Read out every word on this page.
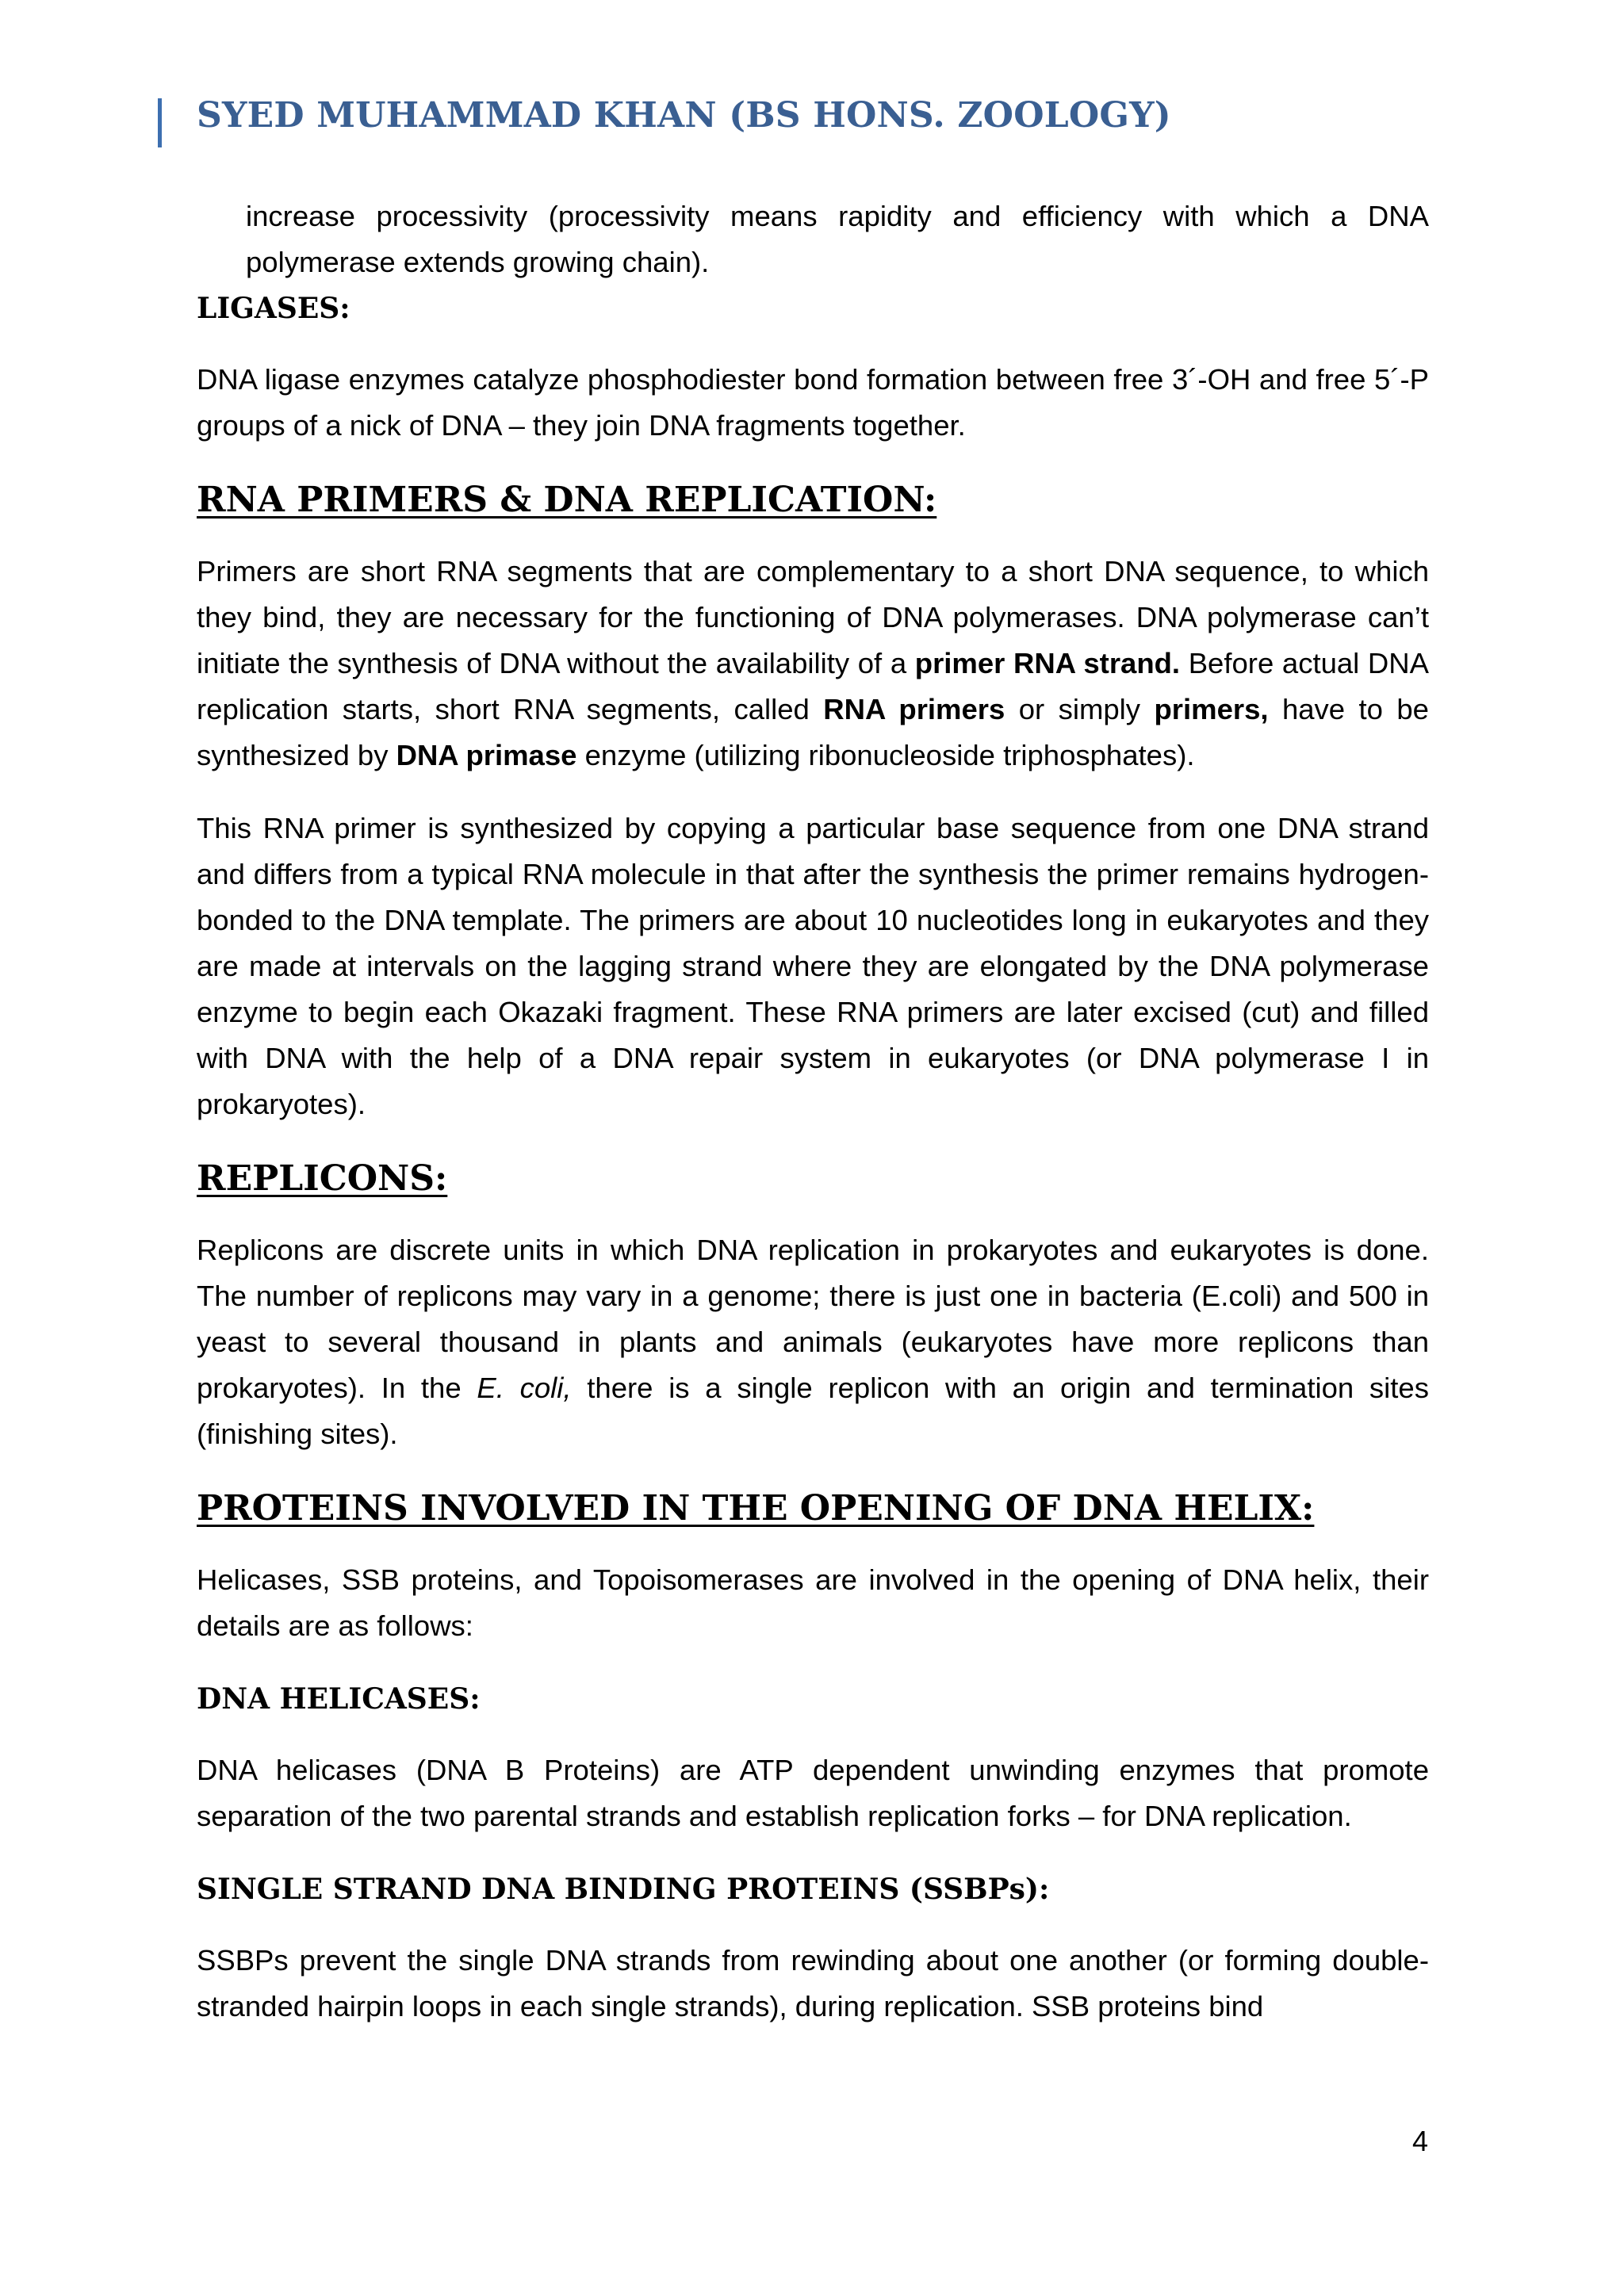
SYED MUHAMMAD KHAN (BS HONS. ZOOLOGY)

increase processivity (processivity means rapidity and efficiency with which a DNA polymerase extends growing chain).

LIGASES:

DNA ligase enzymes catalyze phosphodiester bond formation between free 3´-OH and free 5´-P groups of a nick of DNA – they join DNA fragments together.

RNA PRIMERS & DNA REPLICATION:

Primers are short RNA segments that are complementary to a short DNA sequence, to which they bind, they are necessary for the functioning of DNA polymerases. DNA polymerase can’t initiate the synthesis of DNA without the availability of a primer RNA strand. Before actual DNA replication starts, short RNA segments, called RNA primers or simply primers, have to be synthesized by DNA primase enzyme (utilizing ribonucleoside triphosphates).

This RNA primer is synthesized by copying a particular base sequence from one DNA strand and differs from a typical RNA molecule in that after the synthesis the primer remains hydrogen-bonded to the DNA template. The primers are about 10 nucleotides long in eukaryotes and they are made at intervals on the lagging strand where they are elongated by the DNA polymerase enzyme to begin each Okazaki fragment. These RNA primers are later excised (cut) and filled with DNA with the help of a DNA repair system in eukaryotes (or DNA polymerase I in prokaryotes).

REPLICONS:

Replicons are discrete units in which DNA replication in prokaryotes and eukaryotes is done. The number of replicons may vary in a genome; there is just one in bacteria (E.coli) and 500 in yeast to several thousand in plants and animals (eukaryotes have more replicons than prokaryotes). In the E. coli, there is a single replicon with an origin and termination sites (finishing sites).

PROTEINS INVOLVED IN THE OPENING OF DNA HELIX:

Helicases, SSB proteins, and Topoisomerases are involved in the opening of DNA helix, their details are as follows:

DNA HELICASES:

DNA helicases (DNA B Proteins) are ATP dependent unwinding enzymes that promote separation of the two parental strands and establish replication forks – for DNA replication.

SINGLE STRAND DNA BINDING PROTEINS (SSBPs):

SSBPs prevent the single DNA strands from rewinding about one another (or forming double-stranded hairpin loops in each single strands), during replication. SSB proteins bind

4
